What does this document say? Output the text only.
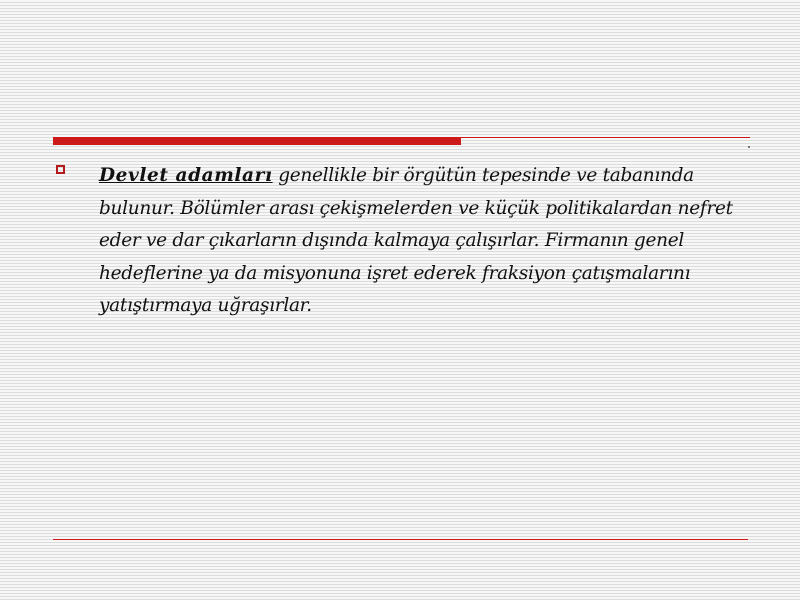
Devlet adamları genellikle bir örgütün tepesinde ve tabanında bulunur. Bölümler arası çekişmelerden ve küçük politikalardan nefret eder ve dar çıkarların dışında kalmaya çalışırlar. Firmanın genel hedeflerine ya da misyonuna işret ederek fraksiyon çatışmalarını yatıştırmaya uğraşırlar.
